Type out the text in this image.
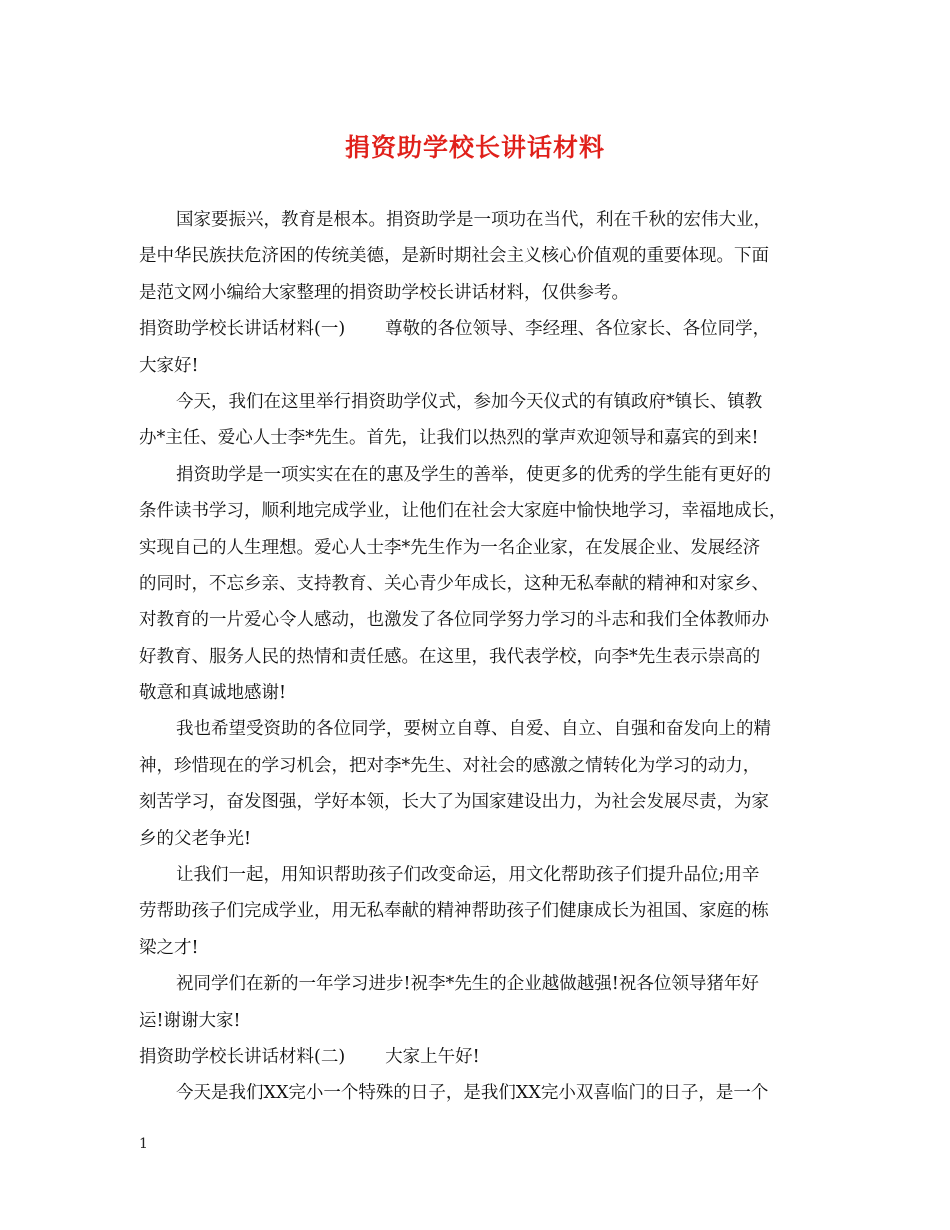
捐资助学校长讲话材料
国家要振兴，教育是根本。捐资助学是一项功在当代，利在千秋的宏伟大业，
是中华民族扶危济困的传统美德，是新时期社会主义核心价值观的重要体现。下面
是范文网小编给大家整理的捐资助学校长讲话材料，仅供参考。
捐资助学校长讲话材料(一) 尊敬的各位领导、李经理、各位家长、各位同学，
大家好!
今天，我们在这里举行捐资助学仪式，参加今天仪式的有镇政府*镇长、镇教
办*主任、爱心人士李*先生。首先，让我们以热烈的掌声欢迎领导和嘉宾的到来!
捐资助学是一项实实在在的惠及学生的善举，使更多的优秀的学生能有更好的
条件读书学习，顺利地完成学业，让他们在社会大家庭中愉快地学习，幸福地成长，
实现自己的人生理想。爱心人士李*先生作为一名企业家，在发展企业、发展经济
的同时，不忘乡亲、支持教育、关心青少年成长，这种无私奉献的精神和对家乡、
对教育的一片爱心令人感动，也激发了各位同学努力学习的斗志和我们全体教师办
好教育、服务人民的热情和责任感。在这里，我代表学校，向李*先生表示崇高的
敬意和真诚地感谢!
我也希望受资助的各位同学，要树立自尊、自爱、自立、自强和奋发向上的精
神，珍惜现在的学习机会，把对李*先生、对社会的感激之情转化为学习的动力，
刻苦学习，奋发图强，学好本领，长大了为国家建设出力，为社会发展尽责，为家
乡的父老争光!
让我们一起，用知识帮助孩子们改变命运，用文化帮助孩子们提升品位;用辛
劳帮助孩子们完成学业，用无私奉献的精神帮助孩子们健康成长为祖国、家庭的栋
梁之才!
祝同学们在新的一年学习进步!祝李*先生的企业越做越强!祝各位领导猪年好
运!谢谢大家!
捐资助学校长讲话材料(二) 大家上午好!
今天是我们XX完小一个特殊的日子，是我们XX完小双喜临门的日子，是一个
1
